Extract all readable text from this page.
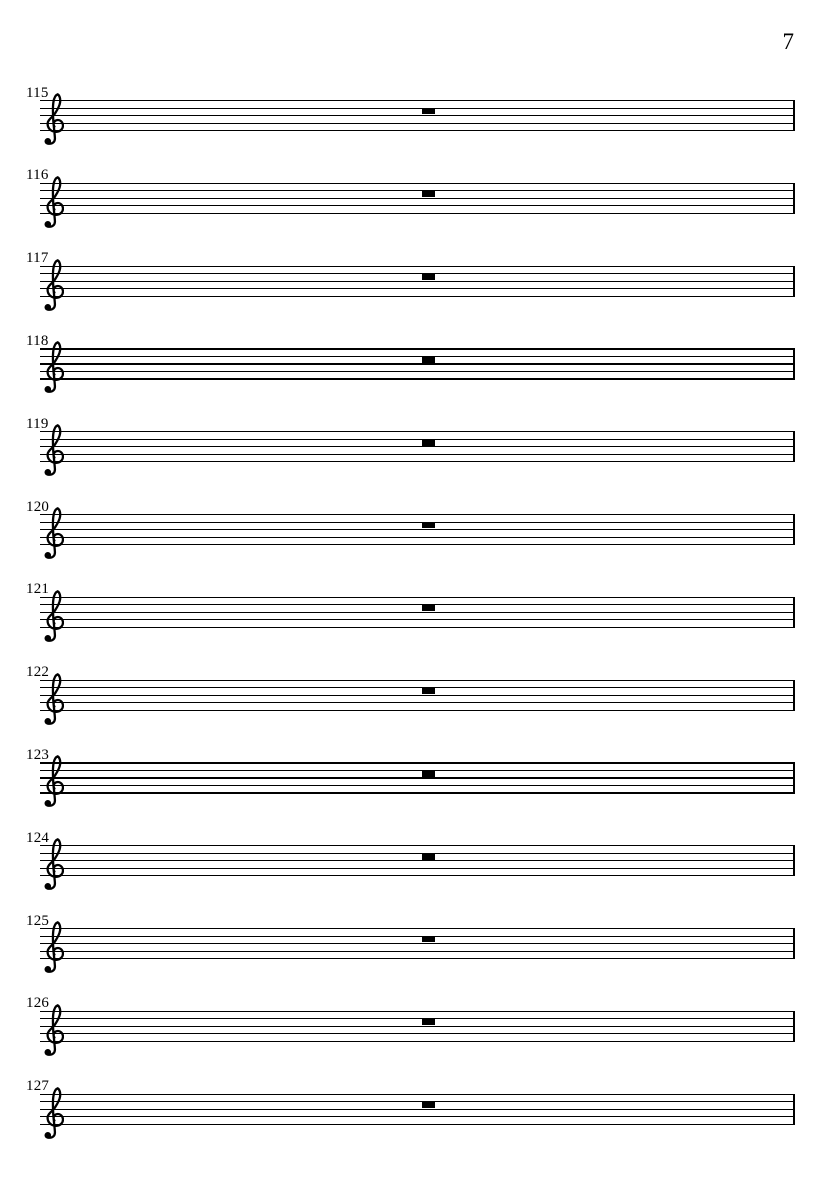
7
115
116
117
118
119
120
121
122
123
124
125
126
127
